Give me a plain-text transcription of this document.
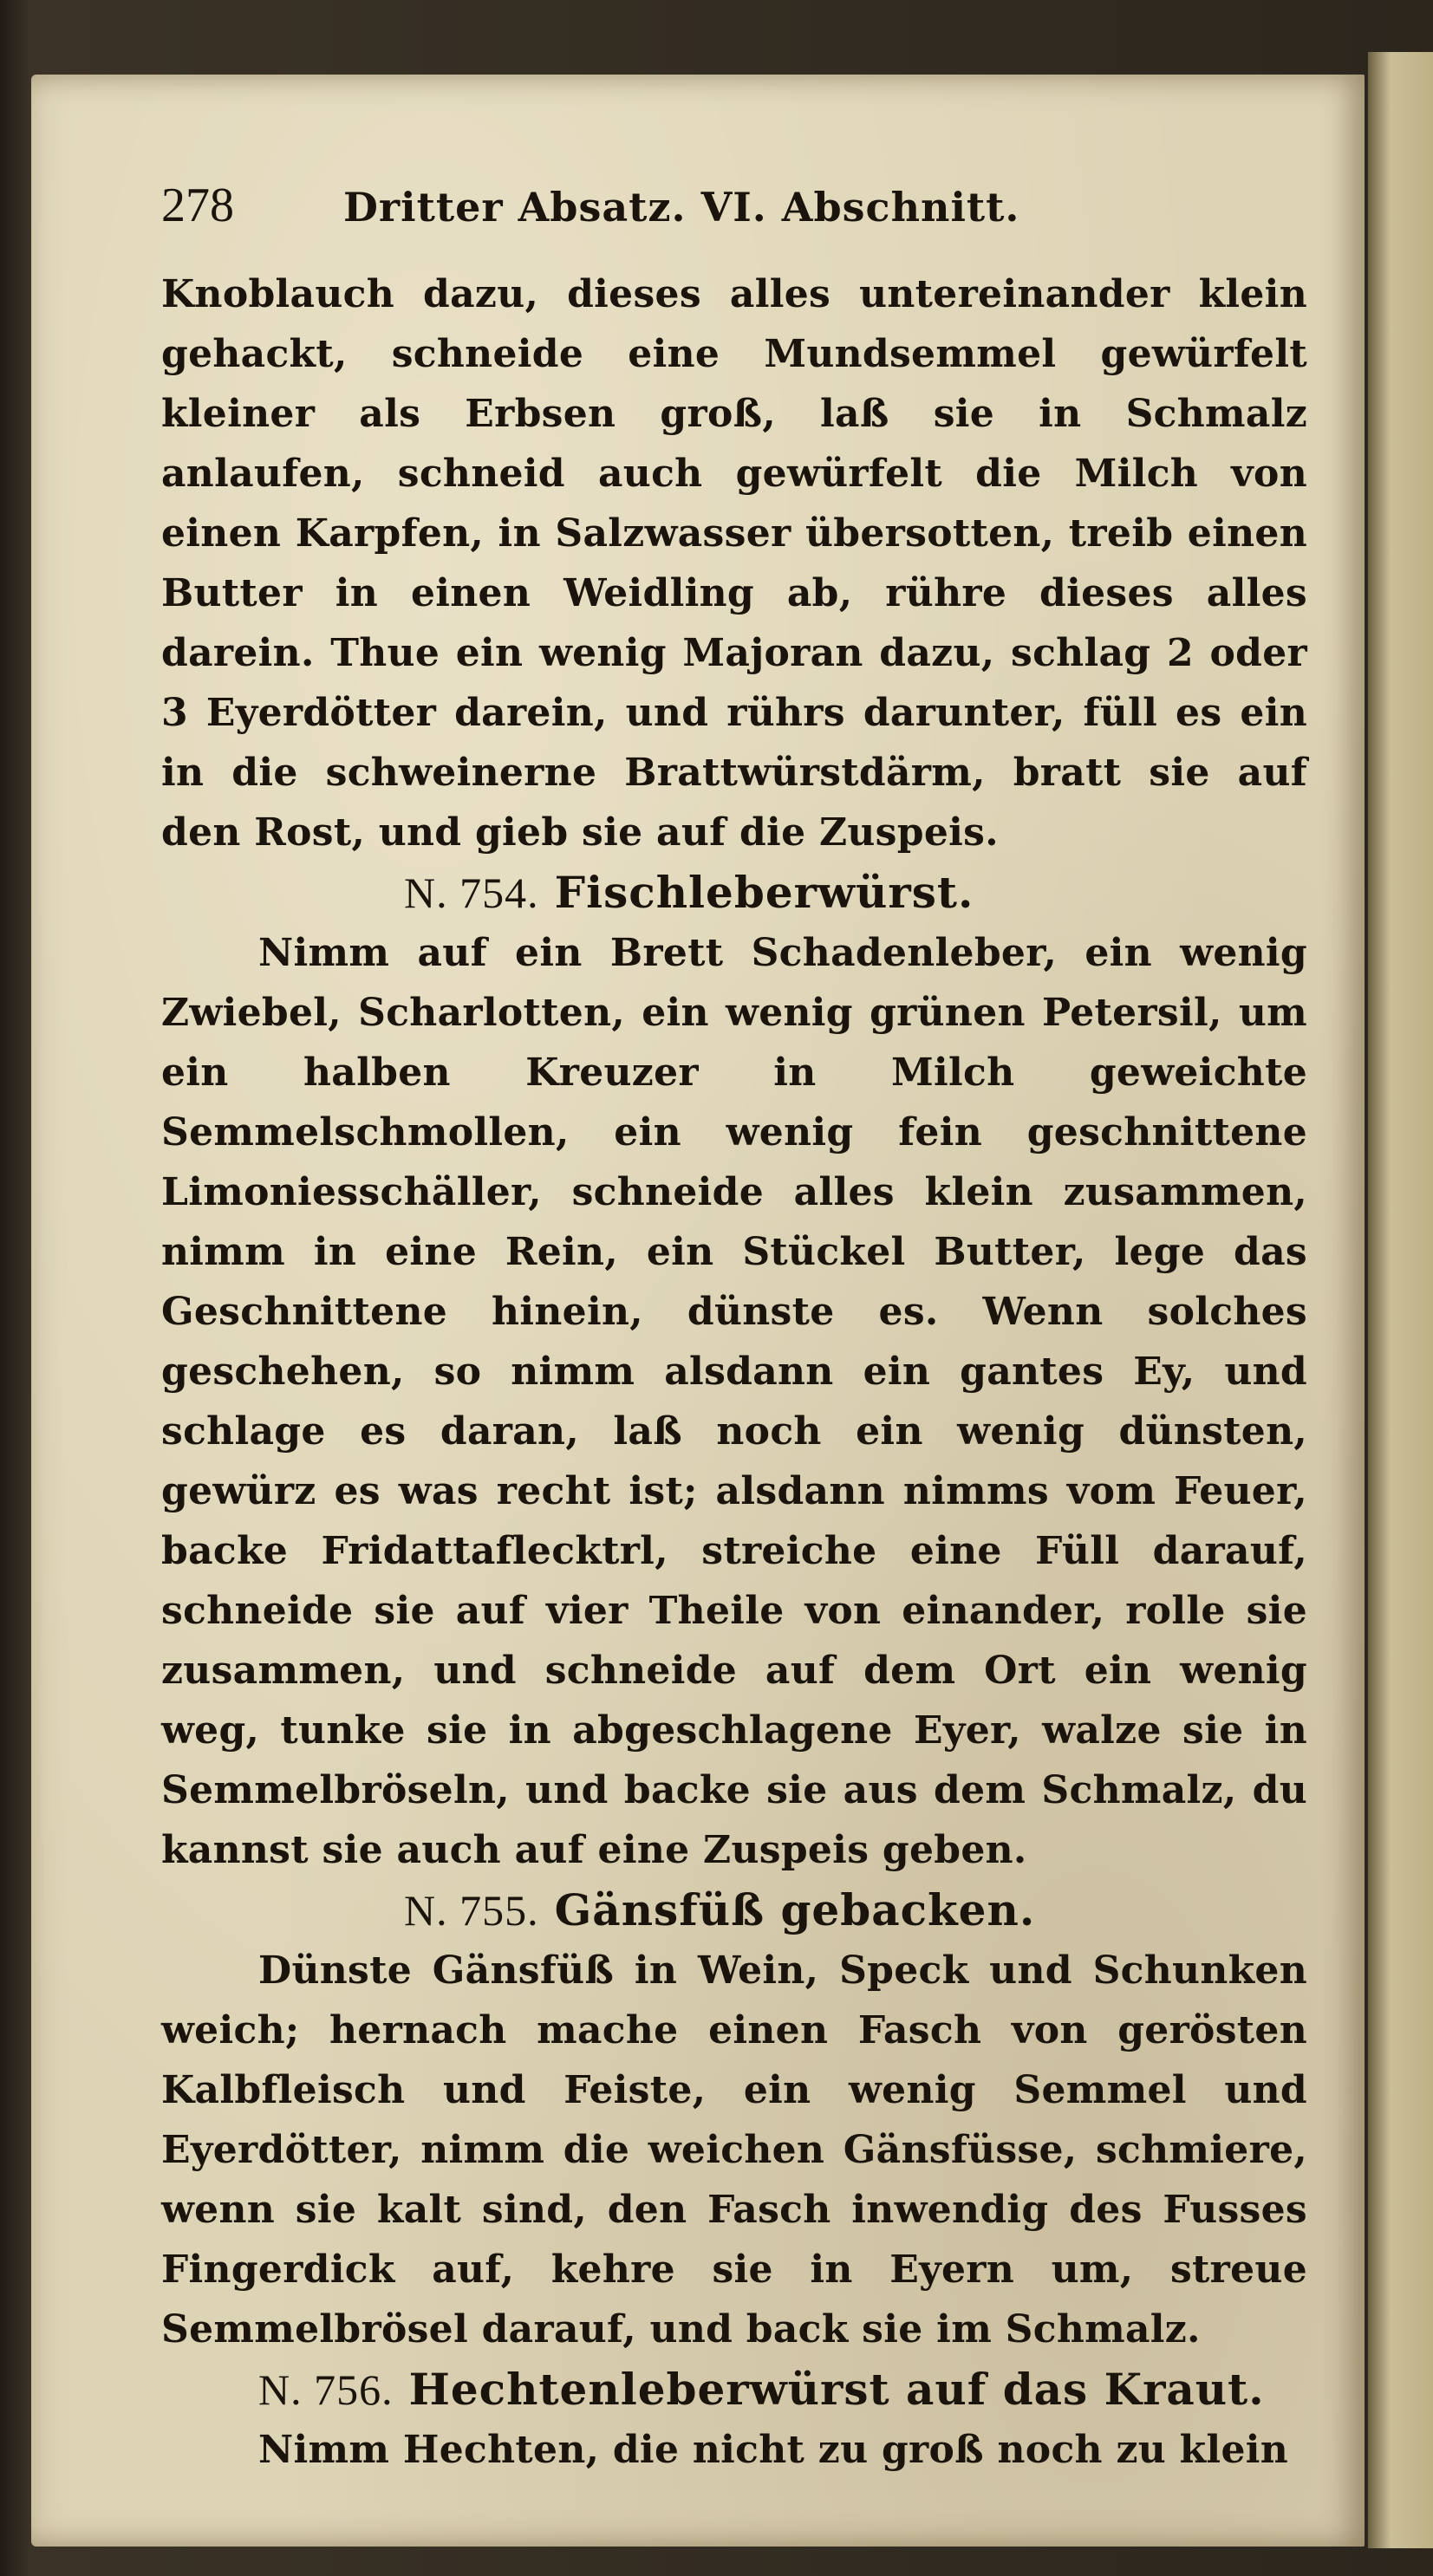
278	Dritter Absatz. VI. Abschnitt.

Knoblauch dazu, dieses alles untereinander klein gehackt, schneide eine Mundsemmel gewürfelt kleiner als Erbsen groß, laß sie in Schmalz anlaufen, schneid auch gewürfelt die Milch von einen Karpfen, in Salzwasser übersotten, treib einen Butter in einen Weidling ab, rühre dieses alles darein. Thue ein wenig Majoran dazu, schlag 2 oder 3 Eyerdötter darein, und rührs darunter, füll es ein in die schweinerne Brattwürstdärm, bratt sie auf den Rost, und gieb sie auf die Zuspeis.

N. 754. Fischleberwürst.

Nimm auf ein Brett Schadenleber, ein wenig Zwiebel, Scharlotten, ein wenig grünen Petersil, um ein halben Kreuzer in Milch geweichte Semmelschmollen, ein wenig fein geschnittene Limoniesschäller, schneide alles klein zusammen, nimm in eine Rein, ein Stückel Butter, lege das Geschnittene hinein, dünste es. Wenn solches geschehen, so nimm alsdann ein gantes Ey, und schlage es daran, laß noch ein wenig dünsten, gewürz es was recht ist; alsdann nimms vom Feuer, backe Fridattaflecktrl, streiche eine Füll darauf, schneide sie auf vier Theile von einander, rolle sie zusammen, und schneide auf dem Ort ein wenig weg, tunke sie in abgeschlagene Eyer, walze sie in Semmelbröseln, und backe sie aus dem Schmalz, du kannst sie auch auf eine Zuspeis geben.

N. 755. Gänsfüß gebacken.

Dünste Gänsfüß in Wein, Speck und Schunken weich; hernach mache einen Fasch von gerösten Kalbfleisch und Feiste, ein wenig Semmel und Eyerdötter, nimm die weichen Gänsfüsse, schmiere, wenn sie kalt sind, den Fasch inwendig des Fusses Fingerdick auf, kehre sie in Eyern um, streue Semmelbrösel darauf, und back sie im Schmalz.

N. 756. Hechtenleberwürst auf das Kraut.

Nimm Hechten, die nicht zu groß noch zu klein
